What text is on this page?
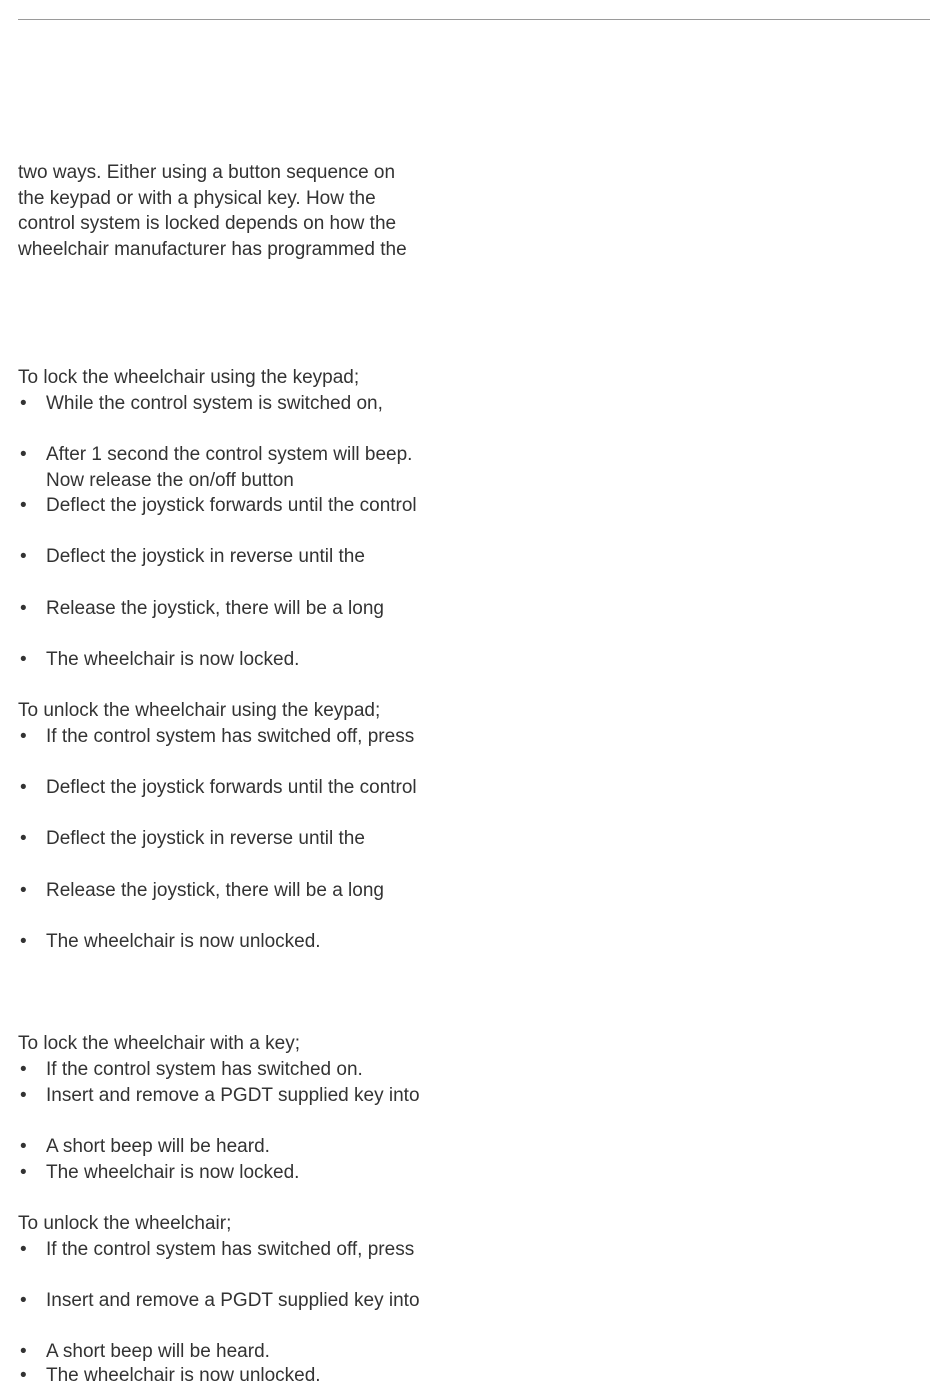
two ways. Either using a button sequence on
the keypad or with a physical key. How the
control system is locked depends on how the
wheelchair manufacturer has programmed the
To lock the wheelchair using the keypad;
•	While the control system is switched on,
•	After 1 second the control system will beep.
Now release the on/off button
•	Deflect the joystick forwards until the control
•	Deflect the joystick in reverse until the
•	Release the joystick, there will be a long
•	The wheelchair is now locked.
To unlock the wheelchair using the keypad;
•	If the control system has switched off, press
•	Deflect the joystick forwards until the control
•	Deflect the joystick in reverse until the
•	Release the joystick, there will be a long
•	The wheelchair is now unlocked.
To lock the wheelchair with a key;
•	If the control system has switched on.
•	Insert and remove a PGDT supplied key into
•	A short beep will be heard.
•	The wheelchair is now locked.
To unlock the wheelchair;
•	If the control system has switched off, press
•	Insert and remove a PGDT supplied key into
•	A short beep will be heard.
•	The wheelchair is now unlocked.
